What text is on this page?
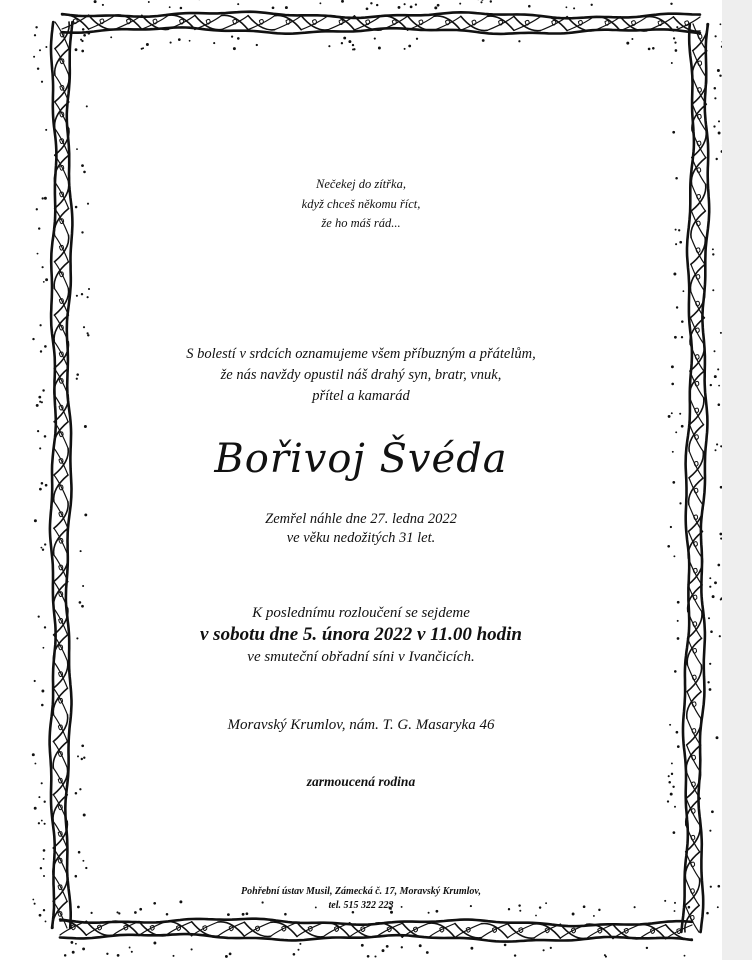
Nečekej do zítřka,
když chceš někomu říct,
že ho máš rád...
S bolestí v srdcích oznamujeme všem příbuzným a přátelům,
že nás navždy opustil náš drahý syn, bratr, vnuk,
přítel a kamarád
Bořivoj Švéda
Zemřel náhle dne 27. ledna 2022
ve věku nedožitých 31 let.
K poslednímu rozloučení se sejdeme
v sobotu dne 5. února 2022 v 11.00 hodin
ve smuteční obřadní síni v Ivančicích.
Moravský Krumlov, nám. T. G. Masaryka 46
zarmoucená rodina
Pohřební ústav Musil, Zámecká č. 17, Moravský Krumlov,
tel. 515 322 223
